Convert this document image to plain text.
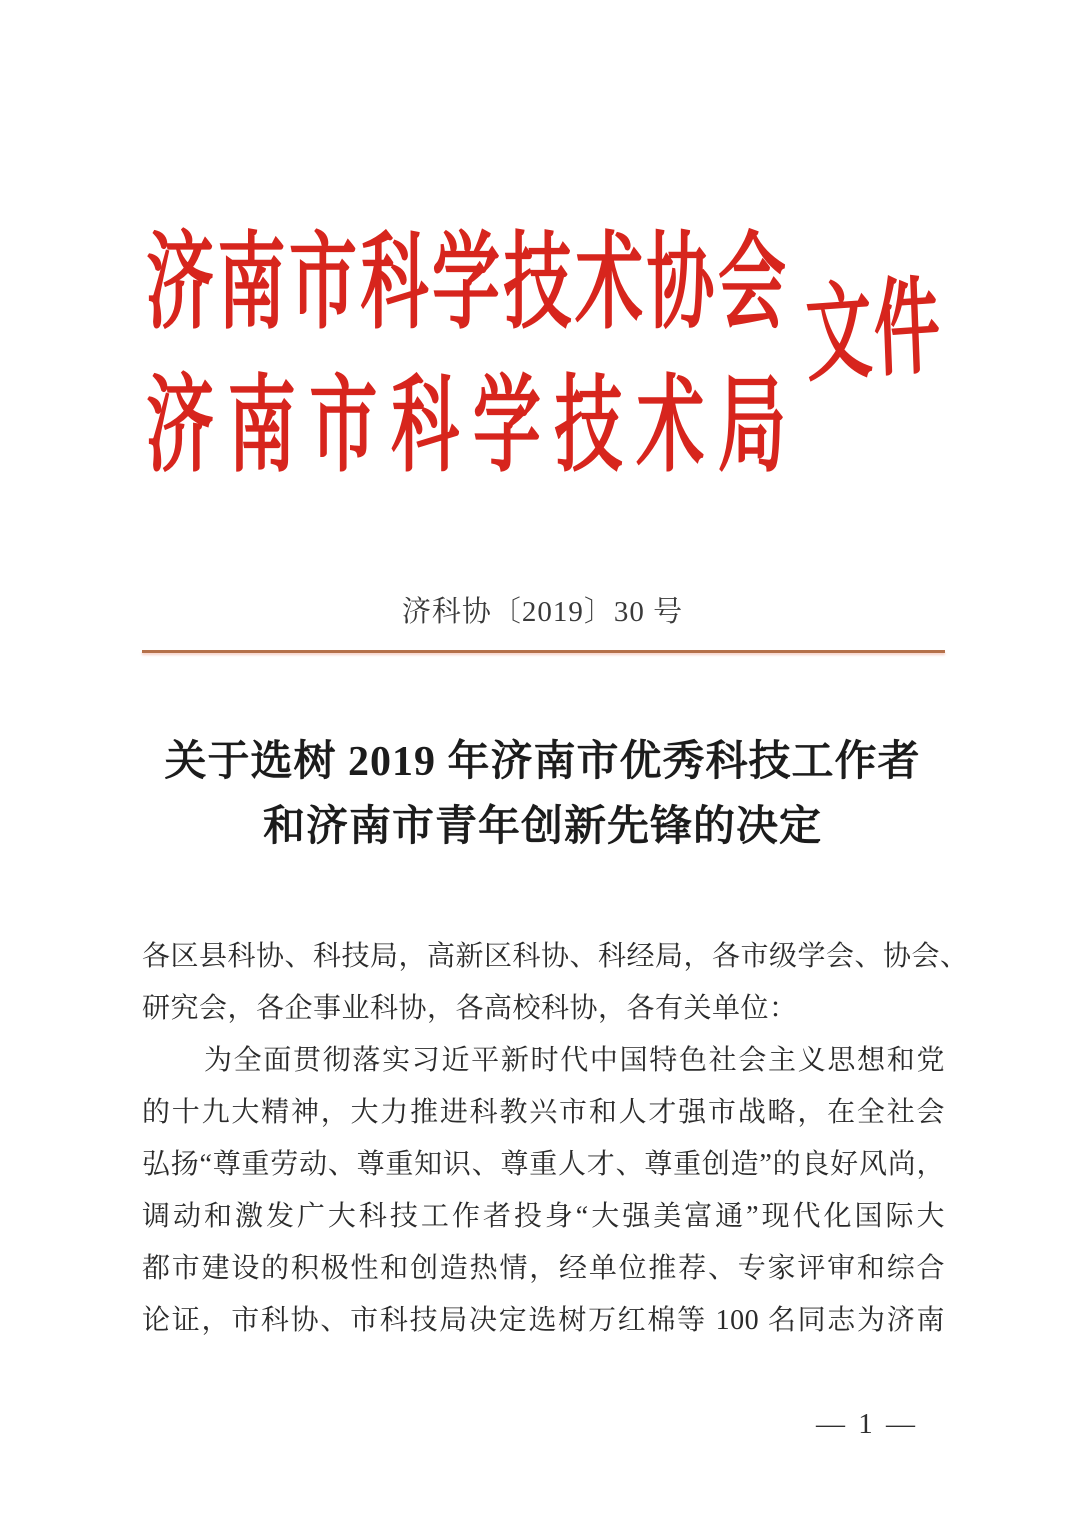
济南市科学技术协会
济南市科学技术局
文件
济科协〔2019〕30 号
关于选树 2019 年济南市优秀科技工作者
和济南市青年创新先锋的决定
各区县科协、科技局，高新区科协、科经局，各市级学会、协会、
研究会，各企事业科协，各高校科协，各有关单位：
为全面贯彻落实习近平新时代中国特色社会主义思想和党
的十九大精神，大力推进科教兴市和人才强市战略，在全社会
弘扬“尊重劳动、尊重知识、尊重人才、尊重创造”的良好风尚，
调动和激发广大科技工作者投身“大强美富通”现代化国际大
都市建设的积极性和创造热情，经单位推荐、专家评审和综合
论证，市科协、市科技局决定选树万红棉等 100 名同志为济南
— 1 —
